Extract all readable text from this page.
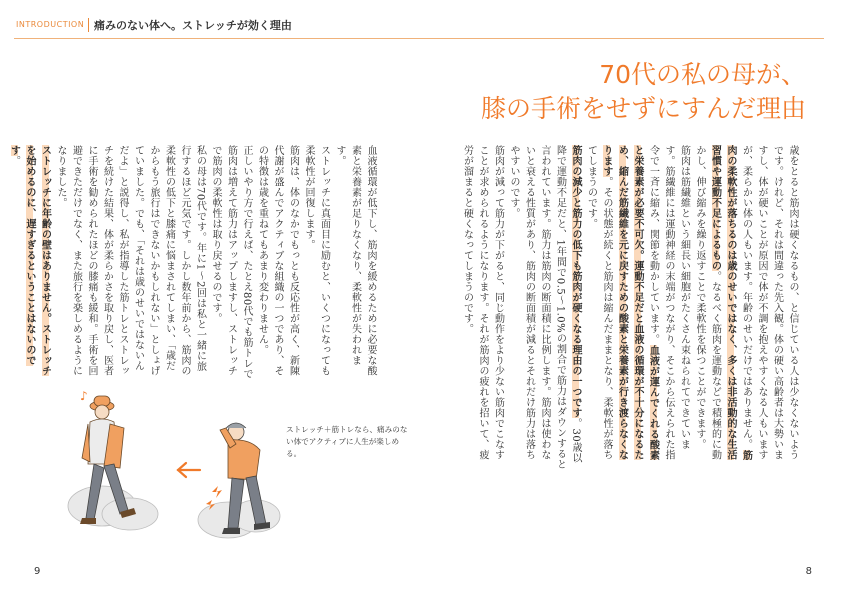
INTRODUCTION 痛みのない体へ。ストレッチが効く理由
70代の私の母が、
膝の手術をせずにすんだ理由

歳をとると筋肉は硬くなるもの、と信じている人は少なくないようです。けれど、それは間違った先入観。体の硬い高齢者は大勢いますし、体が硬いことが原因で体が不調を抱えやすくなる人もいますが、柔らかい体の人もいます。年齢のせいだけではありません。筋肉の柔軟性が落ちるのは歳のせいではなく、多くは非活動的な生活習慣や運動不足によるもの。なるべく筋肉を運動などで積極的に動かし、伸び縮みを繰り返すことで柔軟性を保つことができます。

筋肉は筋繊維という細長い細胞がたくさん束ねられてできています。筋繊維には運動神経の末端がつながり、そこから伝えられた指令で一斉に縮み、関節を動かしています。血液が運んでくれる酸素と栄養素が必要不可欠。運動不足だと血液の循環が不十分になるため、縮んだ筋繊維を元に戻すための酸素と栄養素が行き渡らなくなります。その状態が続くと筋肉は縮んだままとなり、柔軟性が落ちてしまうのです。

筋肉の減少と筋力の低下も筋肉が硬くなる理由の一つです。30歳以降で運動不足だと、1年間で0.5〜1.0%の割合で筋力はダウンすると言われています。筋力は筋肉の断面積に比例します。筋肉は使わないと衰える性質があり、筋肉の断面積が減るとそれだけ筋力は落ちやすいのです。

筋肉が減って筋力が下がると、同じ動作をより少ない筋肉でこなすことが求められるようになります。それが筋肉の疲れを招いて、疲労が溜まると硬くなってしまうのです。

血液循環が低下し、筋肉を緩めるために必要な酸素と栄養素が足りなくなり、柔軟性が失われます。

ストレッチに真面目に励むと、いくつになっても柔軟性が回復します。

筋肉は、体のなかでもっとも反応性が高く、新陳代謝が盛んでアクティブな組織の一つであり、その特徴は歳を重ねてもあまり変わりません。

正しいやり方で行えば、たとえ80代でも筋トレで筋肉は増えて筋力はアップしますし、ストレッチで筋肉の柔軟性は取り戻せるのです。

私の母は70代です。年に1〜2回は私と一緒に旅行するほど元気です。しかし数年前から、筋肉の柔軟性の低下と膝痛に悩まされてしまい、「歳だからもう旅行はできないかもしれない」としょげていました。でも、「それは歳のせいではないんだよ」と説得し、私が指導した筋トレとストレッチを続けた結果、体が柔らかさを取り戻し、医者に手術を勧められたほどの膝痛も緩和。手術を回避できただけでなく、また旅行を楽しめるようになりました。

ストレッチに年齢の壁はありません。ストレッチを始めるのに、遅すぎるということはないのです。

♪
ストレッチ＋筋トレなら、痛みのない体でアクティブに人生が楽しめる。
9	8
